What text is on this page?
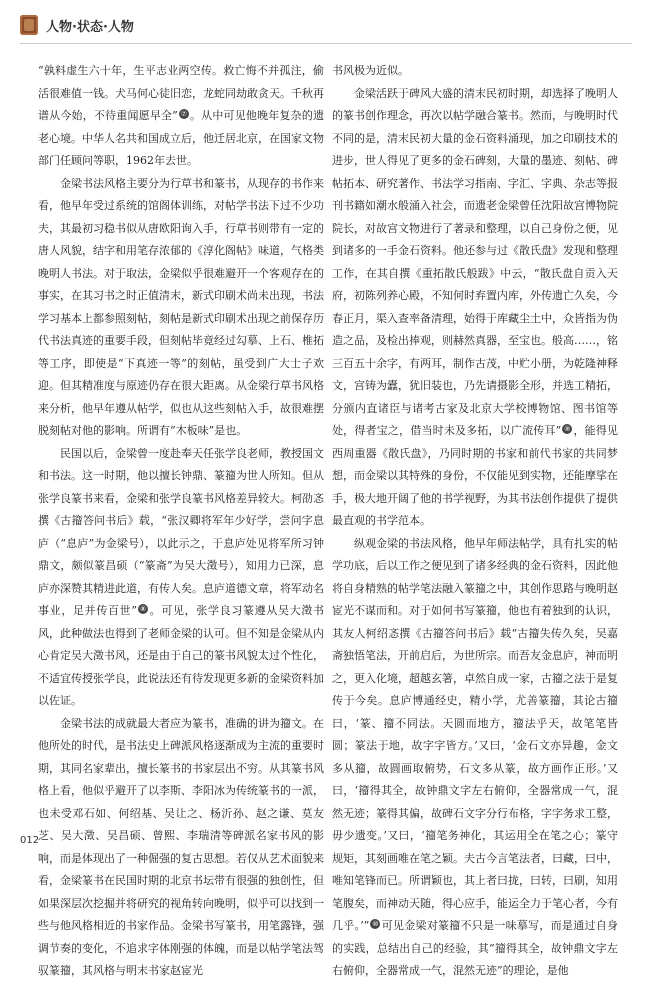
人物·状态·人物

“孰料虚生六十年，生平志业两空传。救亡悔不并孤注，偷活很难值一钱。犬马何心徒旧恋，龙蛇同劫敢贪天。千秋再谱从今始，不待重闻愿早全” ⑦ 。从中可见他晚年复杂的遗老心境。中华人名共和国成立后，他迁居北京，在国家文物部门任顾问等职，1962年去世。

金梁书法风格主要分为行草书和篆书，从现存的书作来看，他早年受过系统的馆阁体训练，对帖学书法下过不少功夫，其最初习稳书似从唐欧阳询入手，行草书则带有一定的唐人风貌，结字和用笔存浓郁的《淳化阁帖》味道，气格类晚明人书法。对于取法，金梁似乎很难避开一个客观存在的事实，在其习书之时正值清末，新式印刷术尚未出现，书法学习基本上都参照刻帖，刻帖是新式印刷术出现之前保存历代书法真迹的重要手段，但刻帖毕竟经过勾摹、上石、椎拓等工序，即使是“下真迹一等”的刻帖，虽受到广大士子欢迎。但其精准度与原迹仍存在很大距离。从金梁行草书风格来分析，他早年遵从帖学，似也从这些刻帖入手，故很难摆脱刻帖对他的影响。所谓有“木板味”是也。

民国以后，金梁曾一度赴奉天任张学良老师，教授国文和书法。这一时期，他以擅长钟鼎、篆籀为世人所知。但从张学良篆书来看，金梁和张学良篆书风格差异较大。柯劭忞撰《古籀答问书后》载，“张汉卿将军年少好学，尝问字息庐（“息庐”为金梁号），以此示之，于息庐处见将军所习钟鼎文，颇似篆昌硕（“篆斋”为吴大澂号），知用力已深，息庐亦深赞其精进此道，有传人矣。息庐道德文章，将军动名事业，足并传百世” ⑧ 。可见，张学良习篆遵从吴大澂书风，此种做法也得到了老师金梁的认可。但不知是金梁从内心肯定吴大澂书风，还是由于自己的篆书风貌太过个性化，不适宜传授张学良，此说法还有待发现更多新的金梁资料加以佐证。

金梁书法的成就最大者应为篆书，准确的讲为籀文。在他所处的时代，是书法史上碑派风格逐渐成为主流的重要时期，其同名家辈出，擅长篆书的书家层出不穷。从其篆书风格上看，他似乎避开了以李斯、李阳冰为传统篆书的一派，也未受邓石如、何绍基、吴让之、杨沂孙、赵之谦、莫友芝、吴大澂、吴昌硕、曾熙、李瑞清等碑派名家书风的影响，而是体现出了一种倔强的复古思想。若仅从艺术面貌来看，金梁篆书在民国时期的北京书坛带有很强的独创性，但如果深层次挖掘并将研究的视角转向晚明，似乎可以找到一些与他风格相近的书家作品。金梁书写篆书，用笔露锋，强调节奏的变化，不追求字体刚强的体魄，而是以帖学笔法驾驭篆籀，其风格与明末书家赵宧光

书风极为近似。

金梁活跃于碑风大盛的清末民初时期，却选择了晚明人的篆书创作理念，再次以帖学融合篆书。然而，与晚明时代不同的是，清末民初大量的金石资料涌现，加之印刷技术的进步，世人得见了更多的金石碑刻，大量的墨迹、刻帖、碑帖拓本、研究著作、书法学习指南、字汇、字典、杂志等报刊书籍如潮水般涌入社会，而遗老金梁曾任沈阳故宫博物院院长，对故宫文物进行了著录和整理，以自己身份之便，见到诸多的一手金石资料。他还参与过《散氏盘》发现和整理工作，在其自撰《重拓散氏般跋》中云，“散氏盘自贡入天府，初陈列养心殿，不知何时弃置内库，外传遗亡久矣，今春正月，渠入查率备清理，始得于库藏尘土中，众皆指为伪造之品，及检出捧观，则赫然真器，至宝也。般高……，铭三百五十余字，有两耳，制作古茂，中贮小册，为乾隆神释文，宫铸为蠹，犹旧装也，乃先请摄影全形，并选工精拓，分颁内直诸臣与诸考古家及北京大学校博物馆、图书馆等处，得者宝之，借当时未及多拓，以广流传耳” ⑨ ，能得见西周重器《散氏盘》，乃同时期的书家和前代书家的共同梦想，而金梁以其特殊的身份，不仅能见到实物，还能摩挲在手，极大地开阔了他的书学视野，为其书法创作提供了提供最直观的书学范本。

纵观金梁的书法风格，他早年师法帖学，具有扎实的帖学功底，后以工作之便见到了诸多经典的金石资料，因此他将自身精熟的帖学笔法融入篆籀之中，其创作思路与晚明赵宧光不谋而和。对于如何书写篆籀，他也有着独到的认识，其友人柯绍忞撰《古籀答问书后》载“古籀失传久矣，吴嘉斋独悟笔法，开前启后，为世所宗。而吾友金息庐，神而明之，更入化境，超越玄箸，卓然自成一家，古籀之法于是复传于今矣。息庐博通经史，精小学，尤善篆籀，其论古籀曰，‘篆、籀不同法。天圆而地方，籀法乎天，故笔笔皆圆；篆法于地，故字字皆方。’又曰，‘金石文亦异趣，金文多从籀，故圆画取俯势，石文多从篆，故方画作正形。’又曰，‘籀得其全，故钟鼎文字左右俯仰，全器常成一气，混然无迹；篆得其偏，故碑石文字分行布格，字字务求工整，毋少遗变。’又曰，‘籀笔务神化，其运用全在笔之心；篆守规矩，其刻画唯在笔之颖。夫古今言笔法者，曰藏，曰中，唯知笔锋而已。所谓颖也，其上者曰拢，曰转，曰刷，知用笔腹矣，而神动天随，得心应手，能运全力于笔心者，今有几乎。’” ⑩ 可见金梁对篆籀不只是一味摹写，而是通过自身的实践，总结出自己的经验，其“籀得其全，故钟鼎文字左右俯仰，全器常成一气，混然无迹”的理论，是他

012
